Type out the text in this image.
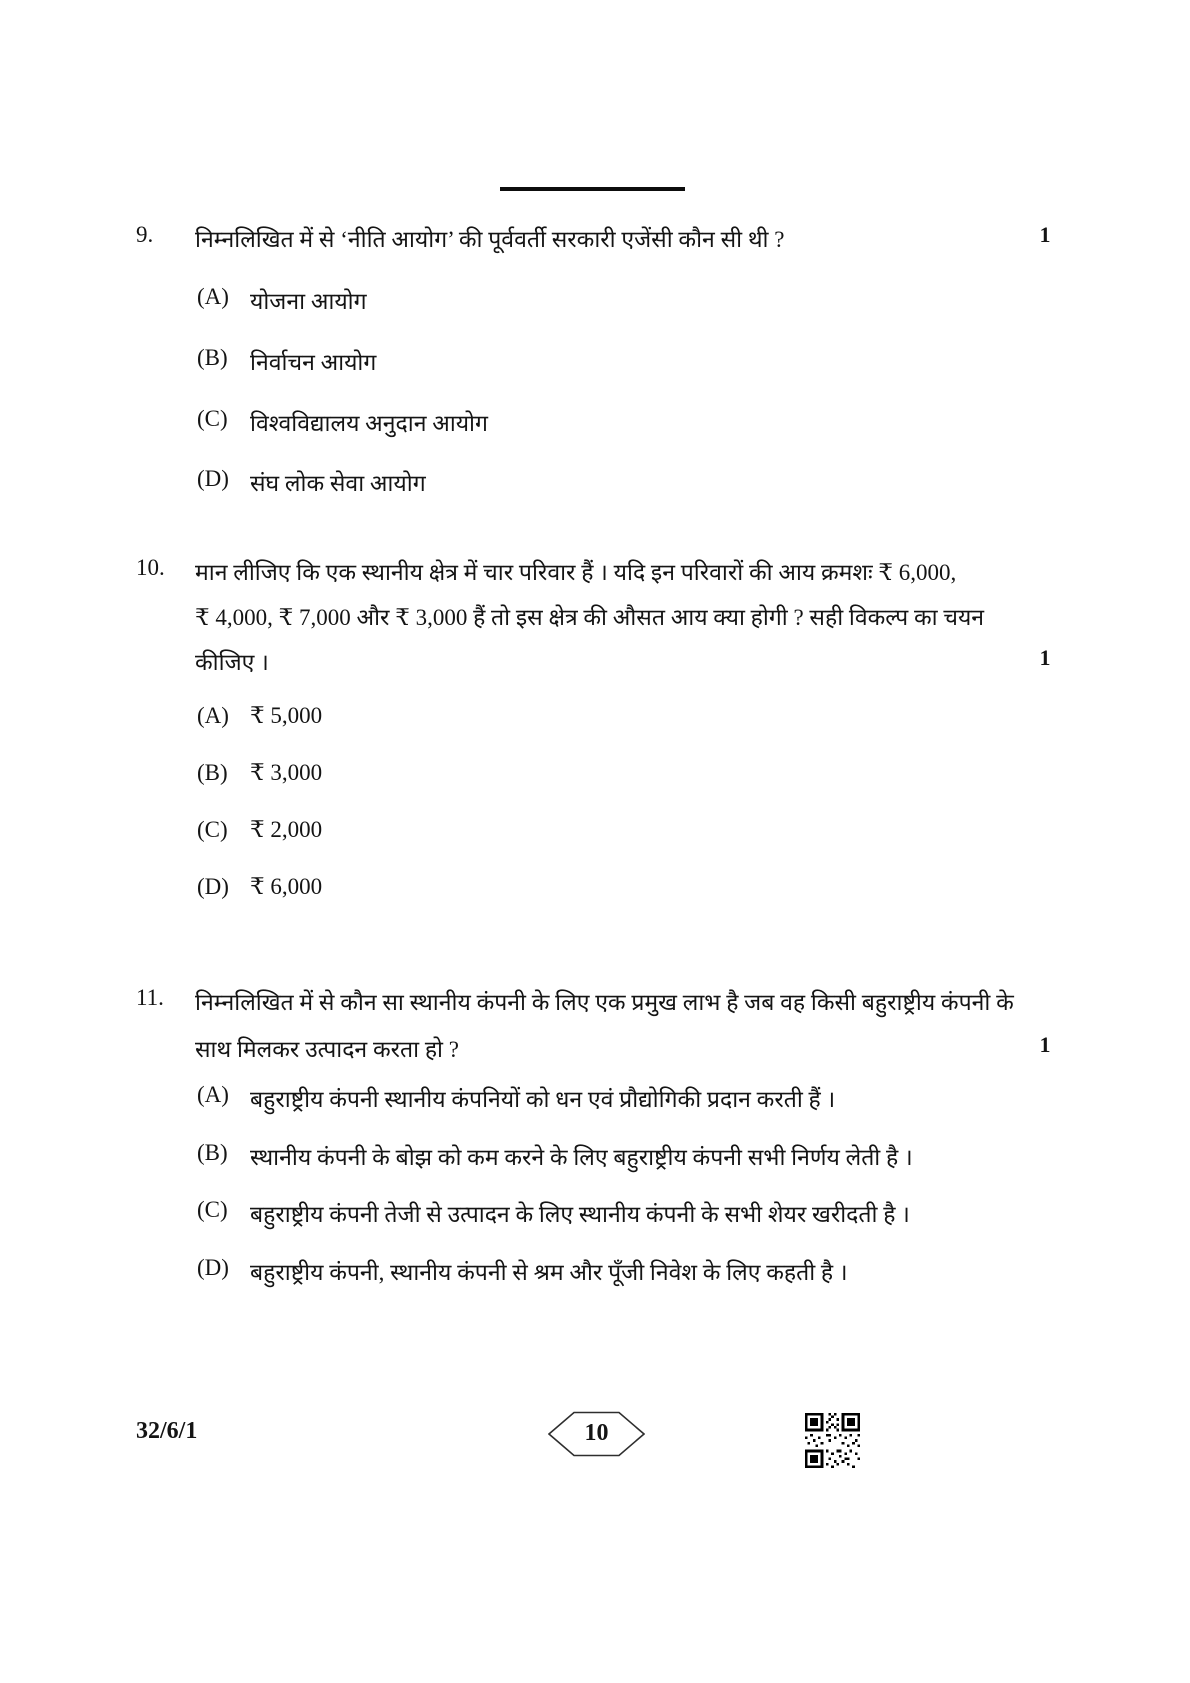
9. निम्नलिखित में से ‘नीति आयोग’ की पूर्ववर्ती सरकारी एजेंसी कौन सी थी ?	1
(A) योजना आयोग
(B) निर्वाचन आयोग
(C) विश्वविद्यालय अनुदान आयोग
(D) संघ लोक सेवा आयोग
10. मान लीजिए कि एक स्थानीय क्षेत्र में चार परिवार हैं । यदि इन परिवारों की आय क्रमशः ₹ 6,000,
₹ 4,000, ₹ 7,000 और ₹ 3,000 हैं तो इस क्षेत्र की औसत आय क्या होगी ? सही विकल्प का चयन
कीजिए ।	1
(A) ₹ 5,000
(B) ₹ 3,000
(C) ₹ 2,000
(D) ₹ 6,000
11. निम्नलिखित में से कौन सा स्थानीय कंपनी के लिए एक प्रमुख लाभ है जब वह किसी बहुराष्ट्रीय कंपनी के
साथ मिलकर उत्पादन करता हो ?	1
(A) बहुराष्ट्रीय कंपनी स्थानीय कंपनियों को धन एवं प्रौद्योगिकी प्रदान करती हैं ।
(B) स्थानीय कंपनी के बोझ को कम करने के लिए बहुराष्ट्रीय कंपनी सभी निर्णय लेती है ।
(C) बहुराष्ट्रीय कंपनी तेजी से उत्पादन के लिए स्थानीय कंपनी के सभी शेयर खरीदती है ।
(D) बहुराष्ट्रीय कंपनी, स्थानीय कंपनी से श्रम और पूँजी निवेश के लिए कहती है ।
32/6/1	10
